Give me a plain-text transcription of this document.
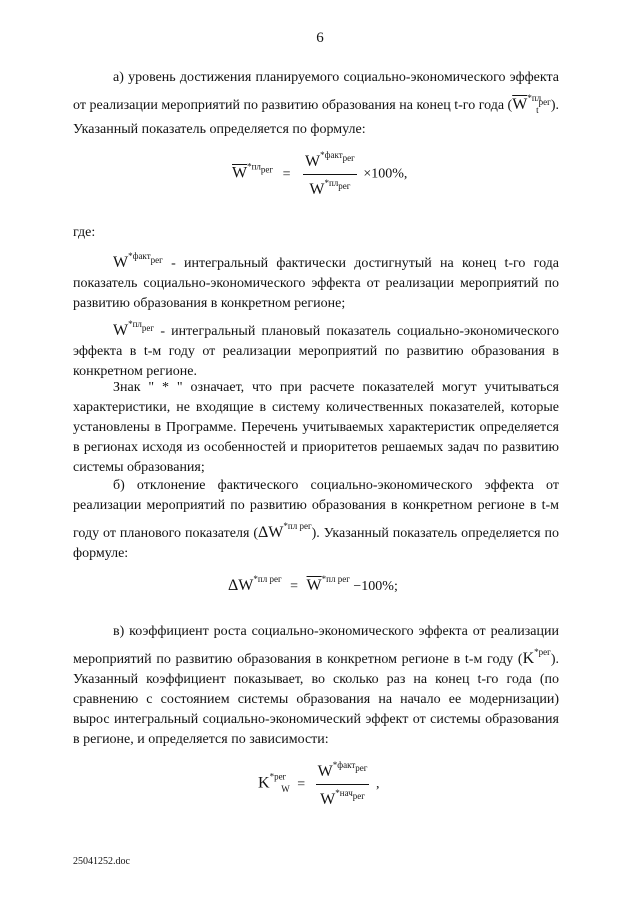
6

а) уровень достижения планируемого социально-экономического эффекта от реализации мероприятий по развитию образования на конец t-го года $(\overline{W}^{*пл}_t^{рег})$. Указанный показатель определяется по формуле:

$\overline{W}^{*плрег} = \frac{W^{*фактрег}}{W^{*плрег}} \times 100\%$,
где:

$W^{*фактрег}$ - интегральный фактически достигнутый на конец t-го года показатель социально-экономического эффекта от реализации мероприятий по развитию образования в конкретном регионе;

$W^{*плрег}$ - интегральный плановый показатель социально-экономического эффекта в t-м году от реализации мероприятий по развитию образования в конкретном регионе.

Знак " * " означает, что при расчете показателей могут учитываться характеристики, не входящие в систему количественных показателей, которые установлены в Программе. Перечень учитываемых характеристик определяется в регионах исходя из особенностей и приоритетов решаемых задач по развитию системы образования;

б) отклонение фактического социально-экономического эффекта от реализации мероприятий по развитию образования в конкретном регионе в t-м году от планового показателя $(\Delta W^{*пл рег})$. Указанный показатель определяется по формуле:

$\Delta W^{*пл рег} = \overline{W}^{*пл рег} -100\%$;

в) коэффициент роста социально-экономического эффекта от реализации мероприятий по развитию образования в конкретном регионе в t-м году $(K^{*рег})$. Указанный коэффициент показывает, во сколько раз на конец t-го года (по сравнению с состоянием системы образования на начало ее модернизации) вырос интегральный социально-экономический эффект от системы образования в регионе, и определяется по зависимости:

$K^{*рег}_W = \frac{W^{*фактрег}}{W^{*начрег}}$ ,
25041252.doc
